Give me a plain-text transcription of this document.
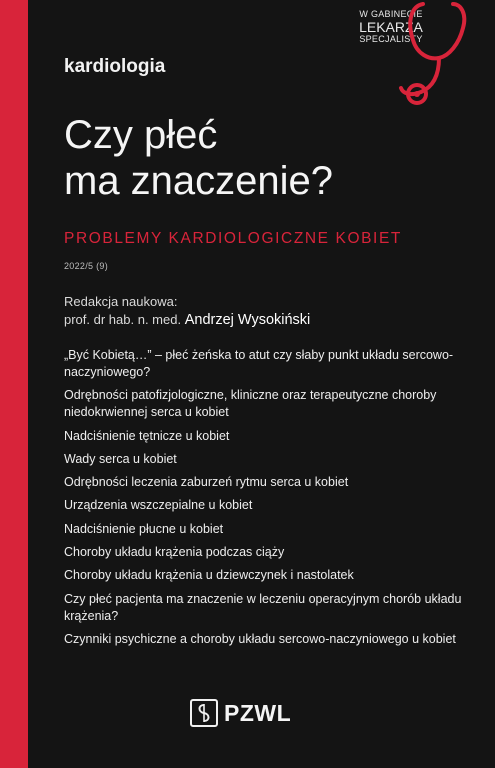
W GABINECIE
LEKARZA
SPECJALISTY
kardiologia
Czy płeć
ma znaczenie?
PROBLEMY KARDIOLOGICZNE KOBIET
2022/5 (9)
Redakcja naukowa:
prof. dr hab. n. med. Andrzej Wysokiński
„Być Kobietą…” – płeć żeńska to atut czy słaby punkt układu sercowo-naczyniowego?
Odrębności patofizjologiczne, kliniczne oraz terapeutyczne choroby niedokrwiennej serca u kobiet
Nadciśnienie tętnicze u kobiet
Wady serca u kobiet
Odrębności leczenia zaburzeń rytmu serca u kobiet
Urządzenia wszczepialne u kobiet
Nadciśnienie płucne u kobiet
Choroby układu krążenia podczas ciąży
Choroby układu krążenia u dziewczynek i nastolatek
Czy płeć pacjenta ma znaczenie w leczeniu operacyjnym chorób układu krążenia?
Czynniki psychiczne a choroby układu sercowo-naczyniowego u kobiet
PZWL
